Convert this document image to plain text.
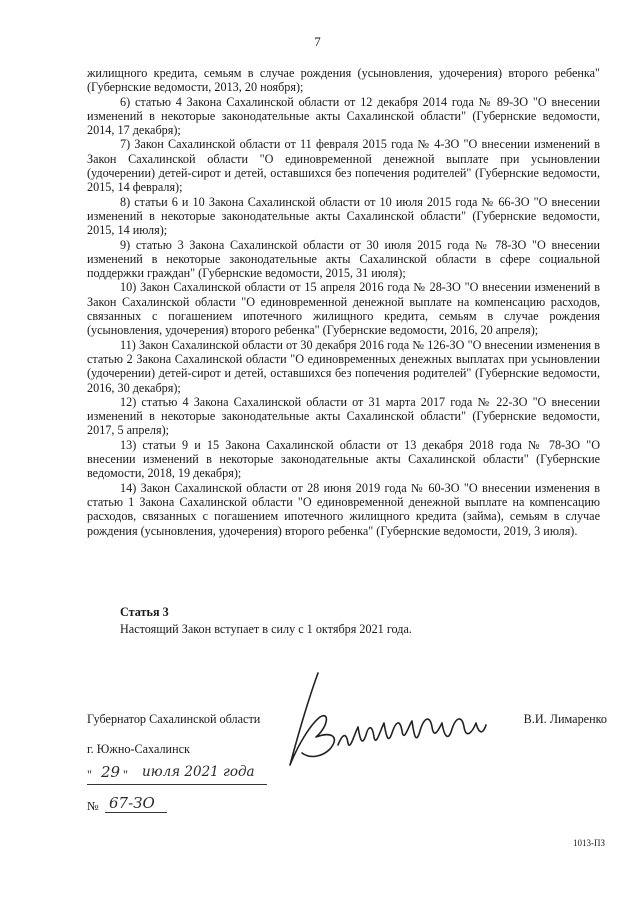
7

жилищного кредита, семьям в случае рождения (усыновления, удочерения) второго ребенка" (Губернские ведомости, 2013, 20 ноября);

6) статью 4 Закона Сахалинской области от 12 декабря 2014 года № 89-ЗО "О внесении изменений в некоторые законодательные акты Сахалинской области" (Губернские ведомости, 2014, 17 декабря);

7) Закон Сахалинской области от 11 февраля 2015 года № 4-ЗО "О внесении изменений в Закон Сахалинской области "О единовременной денежной выплате при усыновлении (удочерении) детей-сирот и детей, оставшихся без попечения родителей" (Губернские ведомости, 2015, 14 февраля);

8) статьи 6 и 10 Закона Сахалинской области от 10 июля 2015 года № 66-ЗО "О внесении изменений в некоторые законодательные акты Сахалинской области" (Губернские ведомости, 2015, 14 июля);

9) статью 3 Закона Сахалинской области от 30 июля 2015 года № 78-ЗО "О внесении изменений в некоторые законодательные акты Сахалинской области в сфере социальной поддержки граждан" (Губернские ведомости, 2015, 31 июля);

10) Закон Сахалинской области от 15 апреля 2016 года № 28-ЗО "О внесении изменений в Закон Сахалинской области "О единовременной денежной выплате на компенсацию расходов, связанных с погашением ипотечного жилищного кредита, семьям в случае рождения (усыновления, удочерения) второго ребенка" (Губернские ведомости, 2016, 20 апреля);

11) Закон Сахалинской области от 30 декабря 2016 года № 126-ЗО "О внесении изменения в статью 2 Закона Сахалинской области "О единовременных денежных выплатах при усыновлении (удочерении) детей-сирот и детей, оставшихся без попечения родителей" (Губернские ведомости, 2016, 30 декабря);

12) статью 4 Закона Сахалинской области от 31 марта 2017 года № 22-ЗО "О внесении изменений в некоторые законодательные акты Сахалинской области" (Губернские ведомости, 2017, 5 апреля);

13) статьи 9 и 15 Закона Сахалинской области от 13 декабря 2018 года № 78-ЗО "О внесении изменений в некоторые законодательные акты Сахалинской области" (Губернские ведомости, 2018, 19 декабря);

14) Закон Сахалинской области от 28 июня 2019 года № 60-ЗО "О внесении изменения в статью 1 Закона Сахалинской области "О единовременной денежной выплате на компенсацию расходов, связанных с погашением ипотечного жилищного кредита (займа), семьям в случае рождения (усыновления, удочерения) второго ребенка" (Губернские ведомости, 2019, 3 июля).

Статья 3

Настоящий Закон вступает в силу с 1 октября 2021 года.

Губернатор Сахалинской области	В.И. Лимаренко
г. Южно-Сахалинск
" 29 " июля 2021 года
№ 67-ЗО
1013-ПЗ
